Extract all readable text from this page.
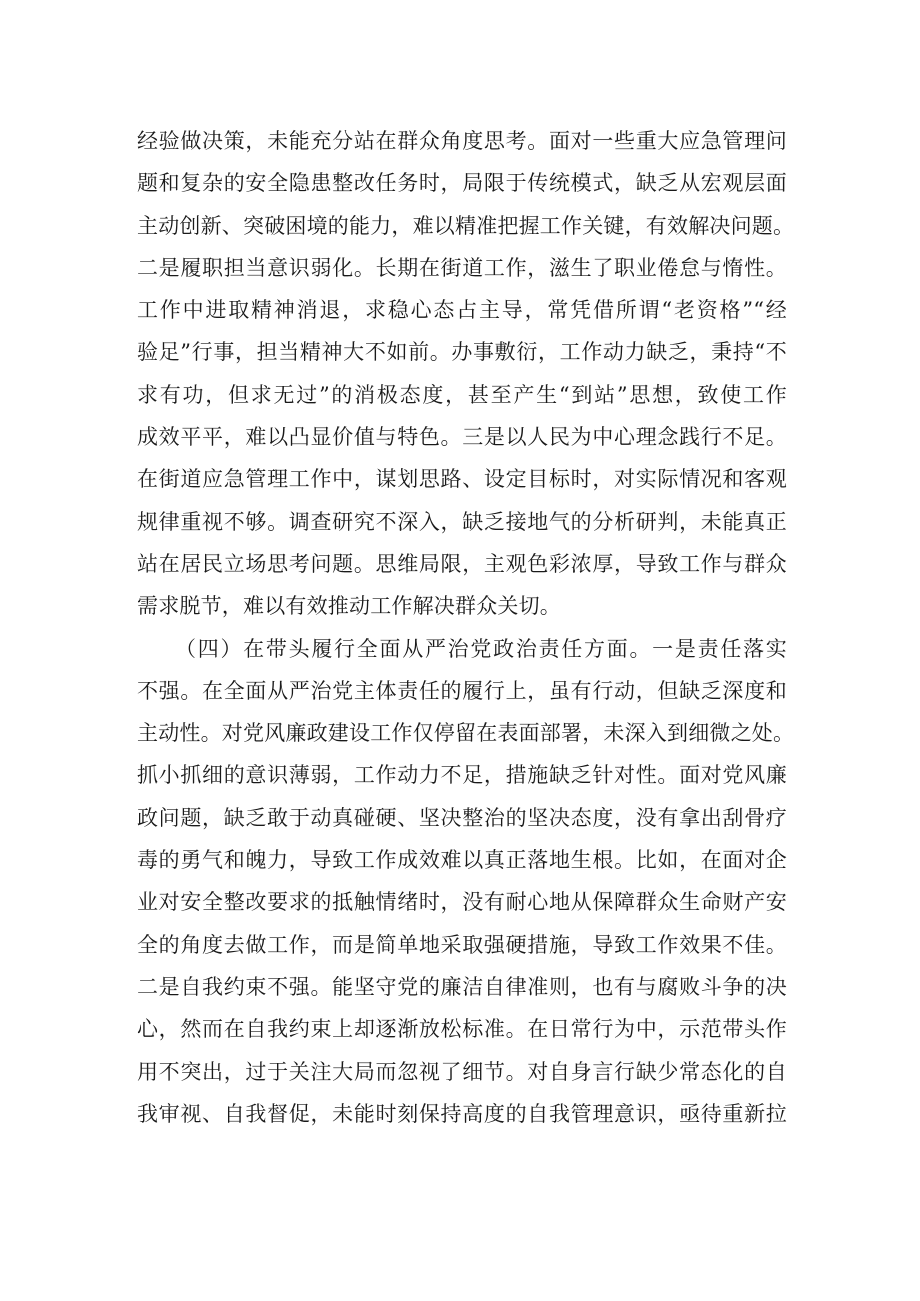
经验做决策，未能充分站在群众角度思考。面对一些重大应急管理问
题和复杂的安全隐患整改任务时，局限于传统模式，缺乏从宏观层面
主动创新、突破困境的能力，难以精准把握工作关键，有效解决问题。
二是履职担当意识弱化。长期在街道工作，滋生了职业倦怠与惰性。
工作中进取精神消退，求稳心态占主导，常凭借所谓“老资格”“经
验足”行事，担当精神大不如前。办事敷衍，工作动力缺乏，秉持“不
求有功，但求无过”的消极态度，甚至产生“到站”思想，致使工作
成效平平，难以凸显价值与特色。三是以人民为中心理念践行不足。
在街道应急管理工作中，谋划思路、设定目标时，对实际情况和客观
规律重视不够。调查研究不深入，缺乏接地气的分析研判，未能真正
站在居民立场思考问题。思维局限，主观色彩浓厚，导致工作与群众
需求脱节，难以有效推动工作解决群众关切。
（四）在带头履行全面从严治党政治责任方面。一是责任落实
不强。在全面从严治党主体责任的履行上，虽有行动，但缺乏深度和
主动性。对党风廉政建设工作仅停留在表面部署，未深入到细微之处。
抓小抓细的意识薄弱，工作动力不足，措施缺乏针对性。面对党风廉
政问题，缺乏敢于动真碰硬、坚决整治的坚决态度，没有拿出刮骨疗
毒的勇气和魄力，导致工作成效难以真正落地生根。比如，在面对企
业对安全整改要求的抵触情绪时，没有耐心地从保障群众生命财产安
全的角度去做工作，而是简单地采取强硬措施，导致工作效果不佳。
二是自我约束不强。能坚守党的廉洁自律准则，也有与腐败斗争的决
心，然而在自我约束上却逐渐放松标准。在日常行为中，示范带头作
用不突出，过于关注大局而忽视了细节。对自身言行缺少常态化的自
我审视、自我督促，未能时刻保持高度的自我管理意识，亟待重新拉
